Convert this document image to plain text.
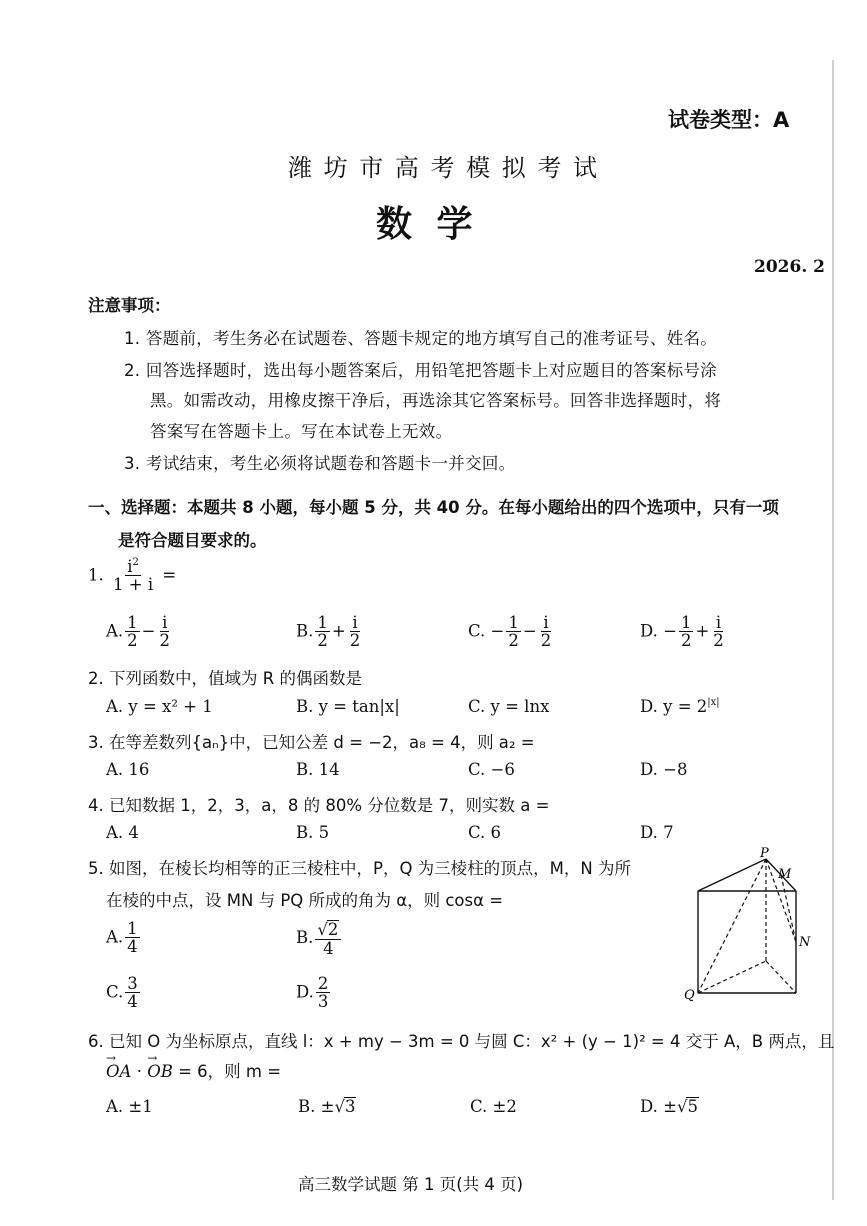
试卷类型：A
潍 坊 市 高 考 模 拟 考 试
数 学
2026. 2
注意事项：
1. 答题前，考生务必在试题卷、答题卡规定的地方填写自己的准考证号、姓名。
2. 回答选择题时，选出每小题答案后，用铅笔把答题卡上对应题目的答案标号涂
黑。如需改动，用橡皮擦干净后，再选涂其它答案标号。回答非选择题时，将
答案写在答题卡上。写在本试卷上无效。
3. 考试结束，考生必须将试题卷和答题卡一并交回。
一、选择题：本题共 8 小题，每小题 5 分，共 40 分。在每小题给出的四个选项中，只有一项
是符合题目要求的。
1. $\frac{i^2}{1 + i}$ =
A. $\frac{1}{2} - \frac{i}{2}$	B. $\frac{1}{2} + \frac{i}{2}$	C. − $\frac{1}{2} - \frac{i}{2}$	D. − $\frac{1}{2} + \frac{i}{2}$
2. 下列函数中，值域为 R 的偶函数是
A. y = x² + 1	B. y = tan|x|	C. y = lnx	D. $y = 2^{|x|}$
3. 在等差数列{aₙ}中，已知公差 d = −2，a₈ = 4，则 a₂ =
A. 16	B. 14	C. −6	D. −8
4. 已知数据 1，2，3，a，8 的 80% 分位数是 7，则实数 a =
A. 4	B. 5	C. 6	D. 7
5. 如图，在棱长均相等的正三棱柱中，P，Q 为三棱柱的顶点，M，N 为所
在棱的中点，设 MN 与 PQ 所成的角为 α，则 cosα =
A. $\frac{1}{4}$	B. $\frac{√2}{4}$
C. $\frac{3}{4}$	D. $\frac{2}{3}$
P
M
N
Q
6. 已知 O 为坐标原点，直线 l：x + my − 3m = 0 与圆 C：x² + (y − 1)² = 4 交于 A，B 两点，且
→
OA ·
→
OB = 6，则 m =
A. ±1	B. ±√3	C. ±2	D. ±√5
高三数学试题 第 1 页(共 4 页)
